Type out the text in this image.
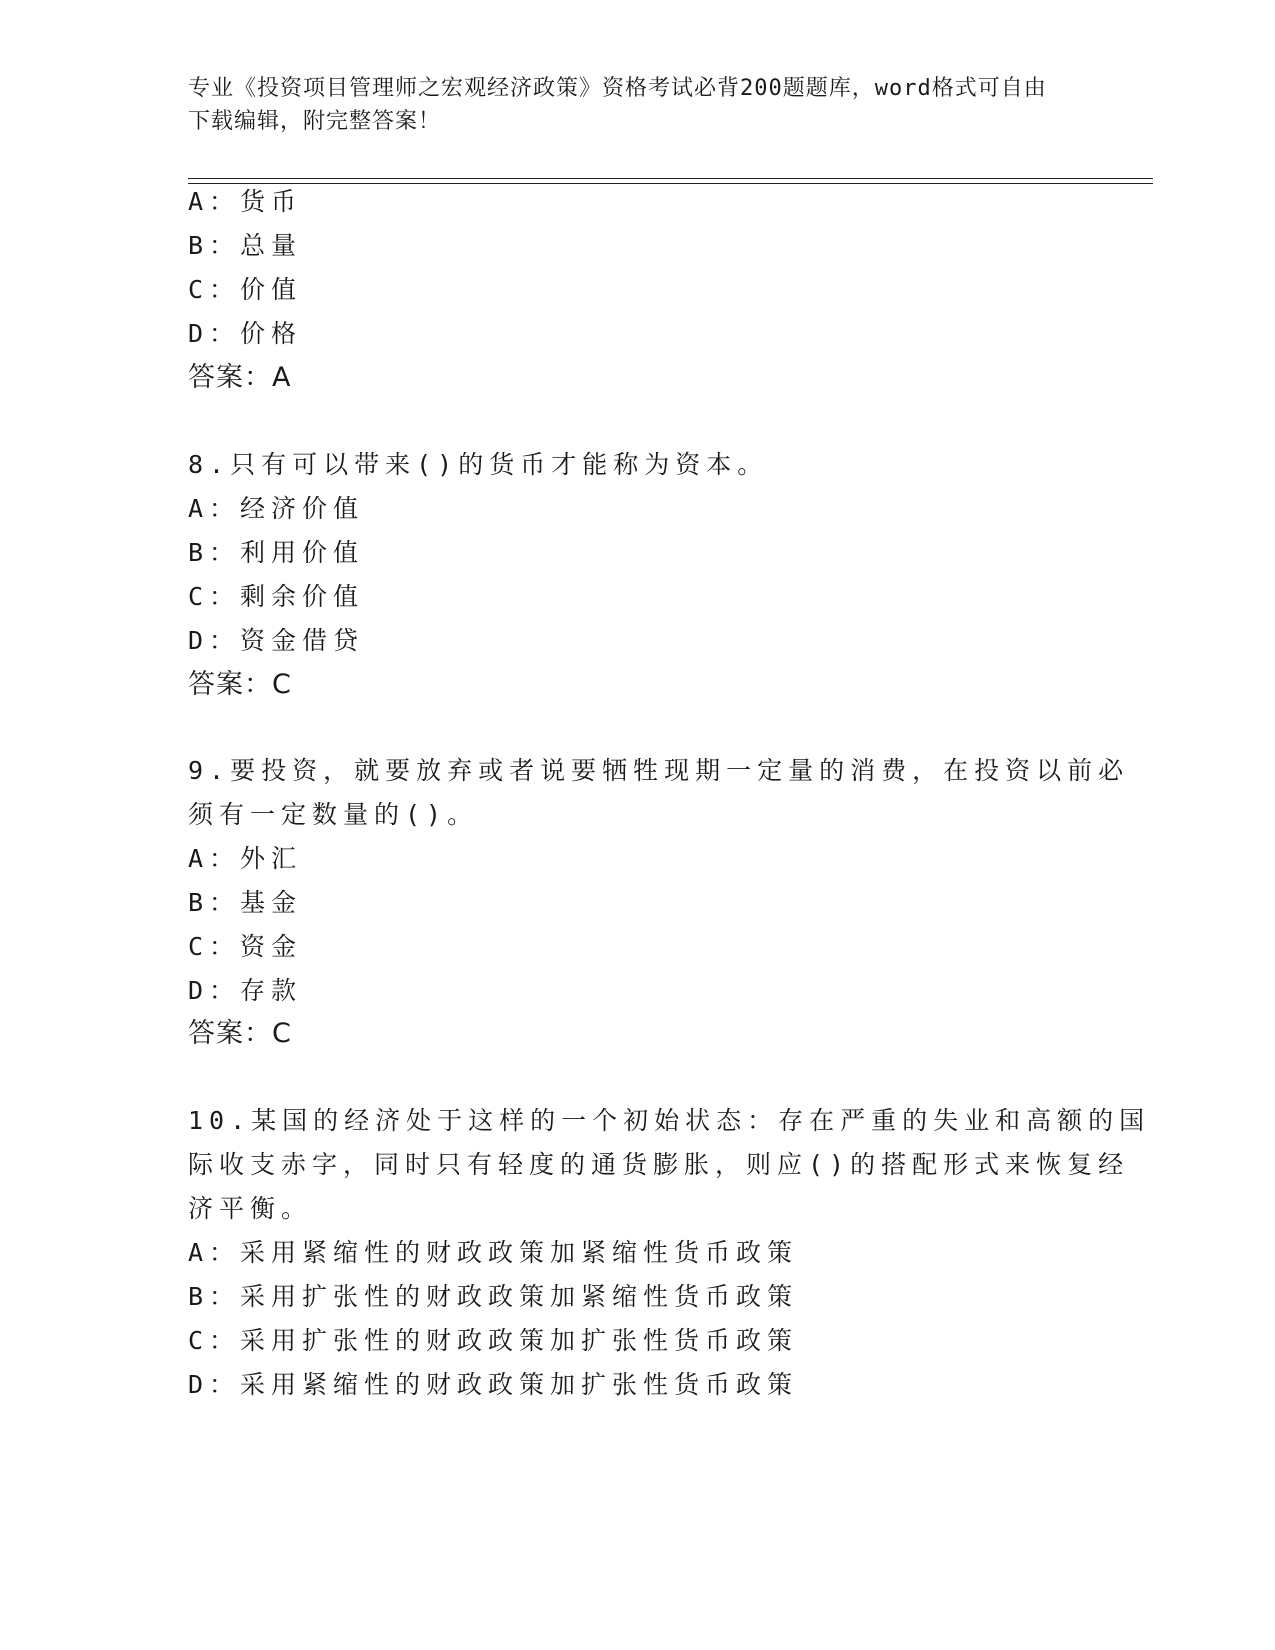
专业《投资项目管理师之宏观经济政策》资格考试必背200题题库，word格式可自由下载编辑，附完整答案！
A：货币
B：总量
C：价值
D：价格
答案：A
8.只有可以带来()的货币才能称为资本。
A：经济价值
B：利用价值
C：剩余价值
D：资金借贷
答案：C
9.要投资，就要放弃或者说要牺牲现期一定量的消费，在投资以前必
须有一定数量的()。
A：外汇
B：基金
C：资金
D：存款
答案：C
10.某国的经济处于这样的一个初始状态：存在严重的失业和高额的国
际收支赤字，同时只有轻度的通货膨胀，则应()的搭配形式来恢复经
济平衡。
A：采用紧缩性的财政政策加紧缩性货币政策
B：采用扩张性的财政政策加紧缩性货币政策
C：采用扩张性的财政政策加扩张性货币政策
D：采用紧缩性的财政政策加扩张性货币政策
